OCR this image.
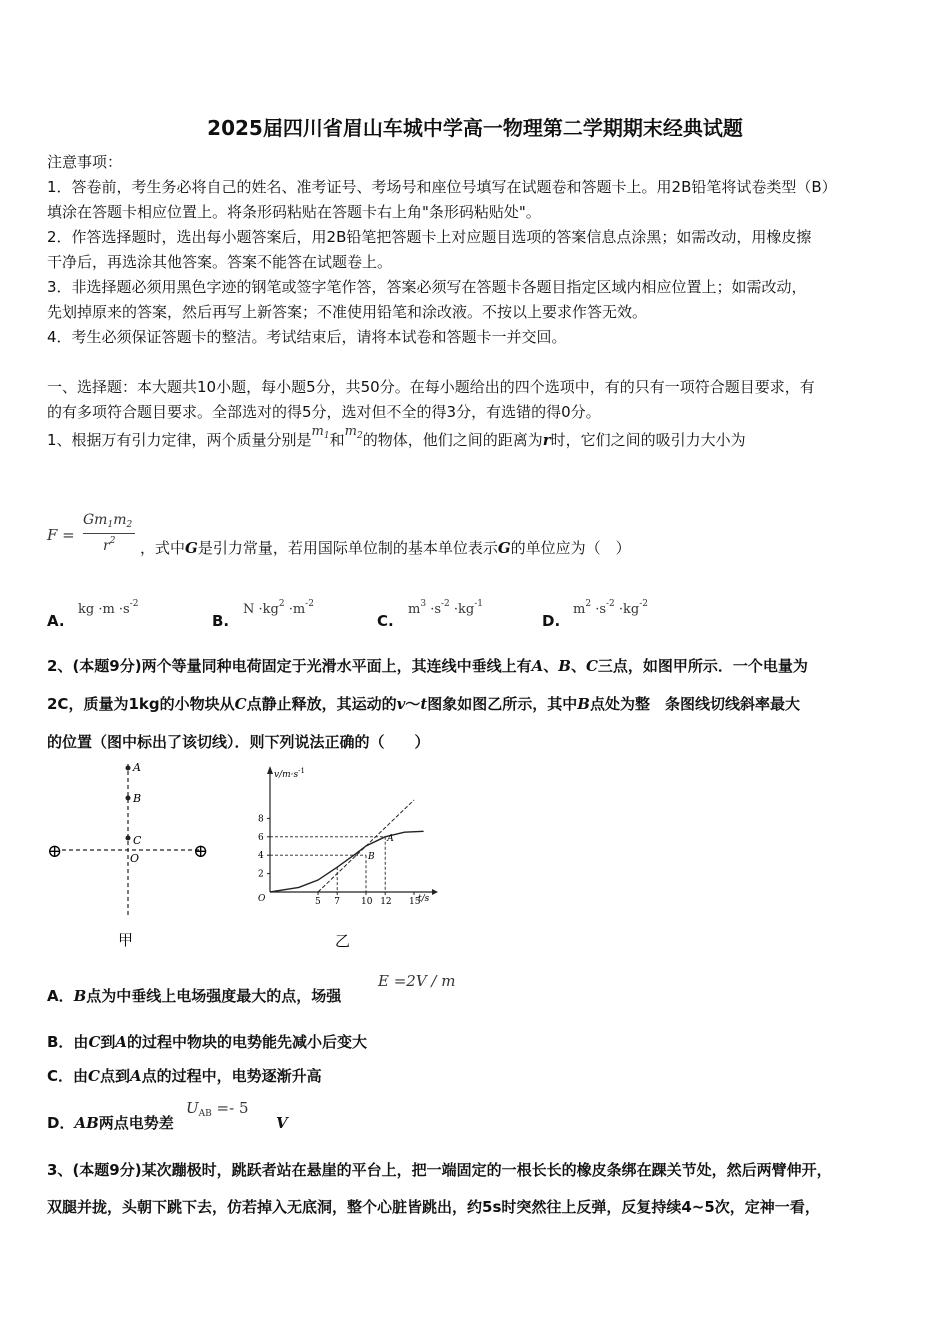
2025届四川省眉山车城中学高一物理第二学期期末经典试题
注意事项：
1．答卷前，考生务必将自己的姓名、准考证号、考场号和座位号填写在试题卷和答题卡上。用2B铅笔将试卷类型（B）
填涂在答题卡相应位置上。将条形码粘贴在答题卡右上角"条形码粘贴处"。
2．作答选择题时，选出每小题答案后，用2B铅笔把答题卡上对应题目选项的答案信息点涂黑；如需改动，用橡皮擦
干净后，再选涂其他答案。答案不能答在试题卷上。
3．非选择题必须用黑色字迹的钢笔或签字笔作答，答案必须写在答题卡各题目指定区域内相应位置上；如需改动，
先划掉原来的答案，然后再写上新答案；不准使用铅笔和涂改液。不按以上要求作答无效。
4．考生必须保证答题卡的整洁。考试结束后，请将本试卷和答题卡一并交回。
一、选择题：本大题共10小题，每小题5分，共50分。在每小题给出的四个选项中，有的只有一项符合题目要求，有
的有多项符合题目要求。全部选对的得5分，选对但不全的得3分，有选错的得0分。
1、根据万有引力定律，两个质量分别是$m_1$和$m_2$的物体，他们之间的距离为r时，它们之间的吸引力大小为
F =
$Gm_1m_2$
$r^2$ ，式中G是引力常量，若用国际单位制的基本单位表示G的单位应为（　）
A.
kg $\cdot m \cdot s^{-2}$
B.
$N \cdot kg^2 \cdot m^{-2}$
C.
$m^3 \cdot s^{-2} \cdot kg^{-1}$
D.
$m^2 \cdot s^{-2} \cdot kg^{-2}$
2、(本题9分)两个等量同种电荷固定于光滑水平面上，其连线中垂线上有A、B、C三点，如图甲所示．一个电量为
2C，质量为1kg的小物块从C点静止释放，其运动的v～t图象如图乙所示，其中B点处为整　条图线切线斜率最大
的位置（图中标出了该切线）．则下列说法正确的（　　）
A
B
C
O
⊕	⊕
甲
$v/m\cdot s^{-1}$
t/s
O
8
6
4
2
5 7 10 12 15
B
A
乙
A．B点为中垂线上电场强度最大的点，场强
E =2V / m
B．由C到A的过程中物块的电势能先减小后变大
C．由C点到A点的过程中，电势逐渐升高
D．AB两点电势差
$U_{AB} =- 5$
V
3、(本题9分)某次蹦极时，跳跃者站在悬崖的平台上，把一端固定的一根长长的橡皮条绑在踝关节处，然后两臂伸开，
双腿并拢，头朝下跳下去，仿若掉入无底洞，整个心脏皆跳出，约5s时突然往上反弹，反复持续4~5次，定神一看，
